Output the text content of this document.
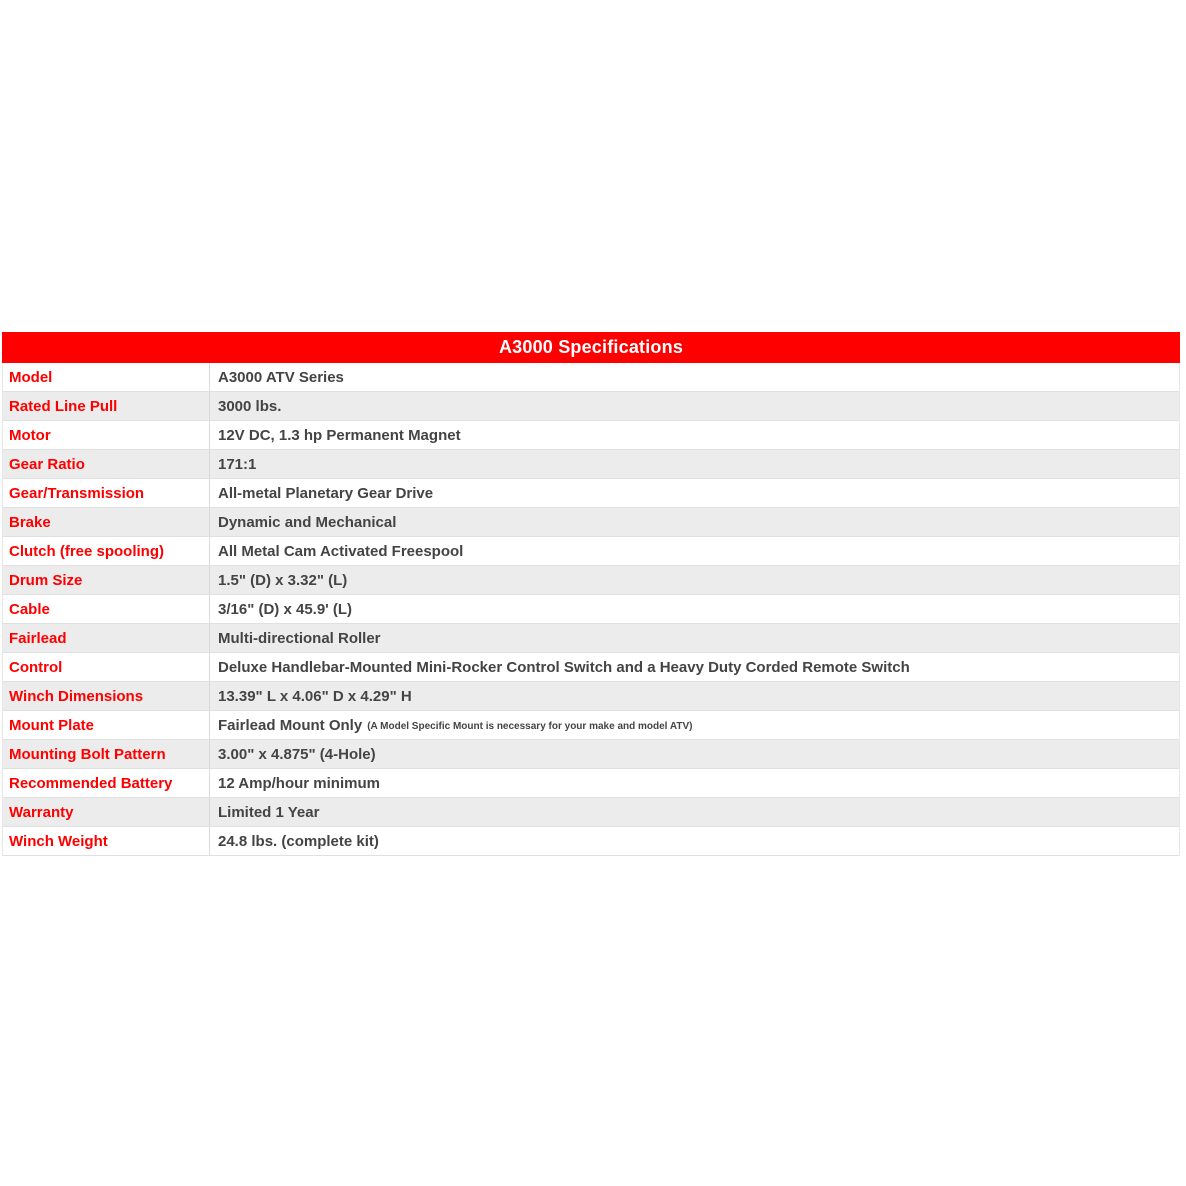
A3000 Specifications
Model	A3000 ATV Series
Rated Line Pull	3000 lbs.
Motor	12V DC, 1.3 hp Permanent Magnet
Gear Ratio	171:1
Gear/Transmission	All-metal Planetary Gear Drive
Brake	Dynamic and Mechanical
Clutch (free spooling)	All Metal Cam Activated Freespool
Drum Size	1.5" (D) x 3.32" (L)
Cable	3/16" (D) x 45.9' (L)
Fairlead	Multi-directional Roller
Control	Deluxe Handlebar-Mounted Mini-Rocker Control Switch and a Heavy Duty Corded Remote Switch
Winch Dimensions	13.39" L x 4.06" D x 4.29" H
Mount Plate	Fairlead Mount Only (A Model Specific Mount is necessary for your make and model ATV)
Mounting Bolt Pattern	3.00" x 4.875" (4-Hole)
Recommended Battery	12 Amp/hour minimum
Warranty	Limited 1 Year
Winch Weight	24.8 lbs. (complete kit)
